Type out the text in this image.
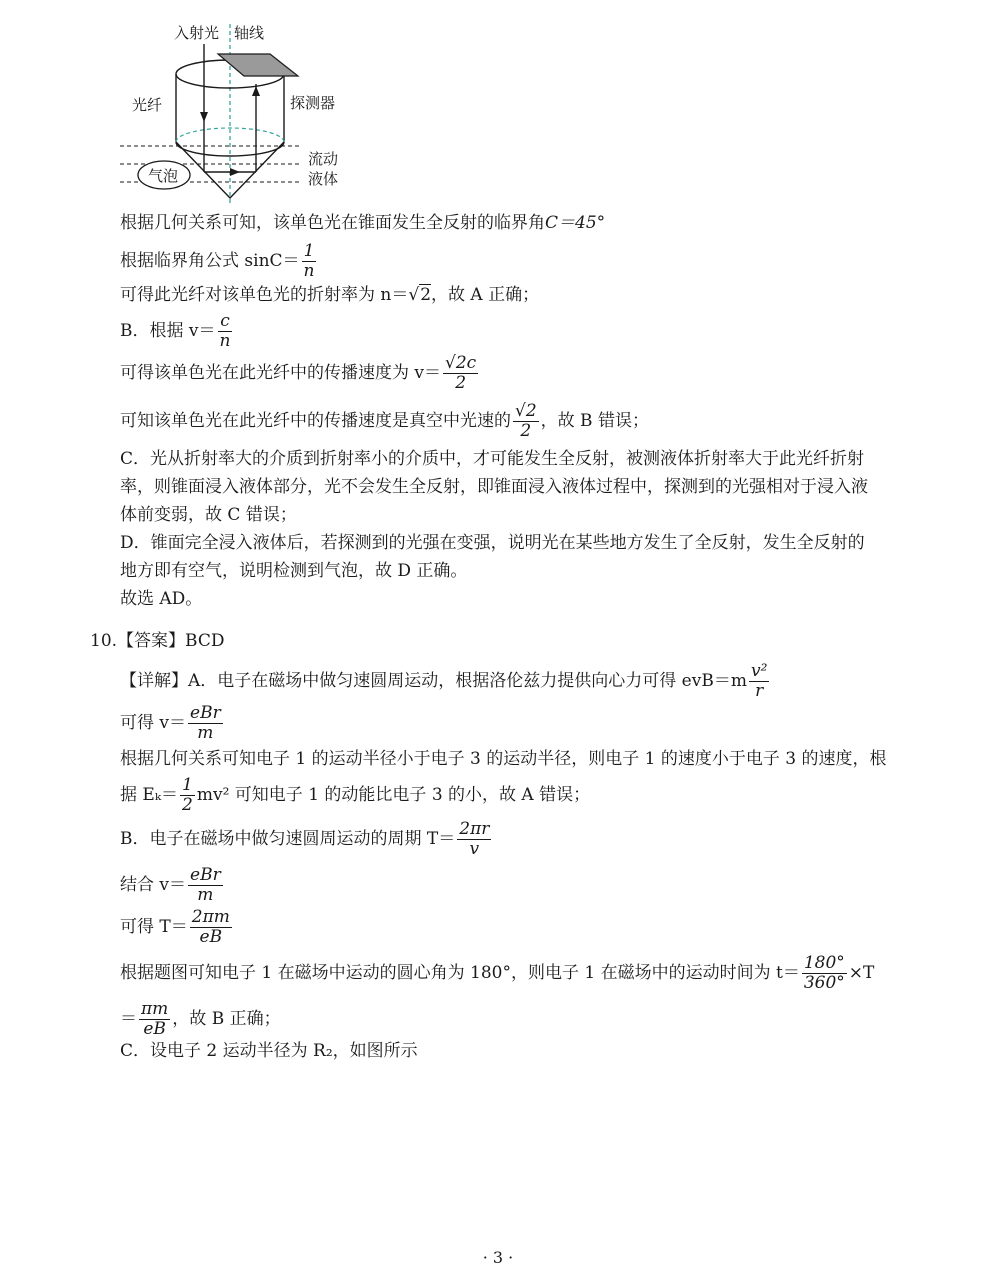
入射光 轴线
光纤	探测器
流动
液体
气泡
根据几何关系可知，该单色光在锥面发生全反射的临界角C＝45°
根据临界角公式 $\sin C= \frac{1}{n}$
可得此光纤对该单色光的折射率为 n＝√2，故 A 正确；
B．根据 $v= \frac{c}{n}$
可得该单色光在此光纤中的传播速度为 $v= \frac{√2c}{2}$
可知该单色光在此光纤中的传播速度是真空中光速的 $\frac{√2}{2}$ ，故 B 错误；
C．光从折射率大的介质到折射率小的介质中，才可能发生全反射，被测液体折射率大于此光纤折射
率，则锥面浸入液体部分，光不会发生全反射，即锥面浸入液体过程中，探测到的光强相对于浸入液
体前变弱，故 C 错误；
D．锥面完全浸入液体后，若探测到的光强在变强，说明光在某些地方发生了全反射，发生全反射的
地方即有空气，说明检测到气泡，故 D 正确。
故选 AD。
10.【答案】BCD
【详解】A．电子在磁场中做匀速圆周运动，根据洛伦兹力提供向心力可得 $evB=m \frac{\text{v²}}{r}$
可得 $v= \frac{\text{eBr}}{m}$
根据几何关系可知电子 1 的运动半径小于电子 3 的运动半径，则电子 1 的速度小于电子 3 的速度，根
据 $E_k= \frac{1}{2} mv^2$ 可知电子 1 的动能比电子 3 的小，故 A 错误；
B．电子在磁场中做匀速圆周运动的周期 $T= \frac{2\pi r}{v}$
结合 $v= \frac{\text{eBr}}{m}$
可得 $T= \frac{2\pi m}{eB}$
根据题图可知电子 1 在磁场中运动的圆心角为 180°，则电子 1 在磁场中的运动时间为 $t= \frac{180^\circ}{360^\circ} \times T$
＝ $\frac{\pi m}{eB}$ ，故 B 正确；
C．设电子 2 运动半径为 R₂，如图所示
· 3 ·
